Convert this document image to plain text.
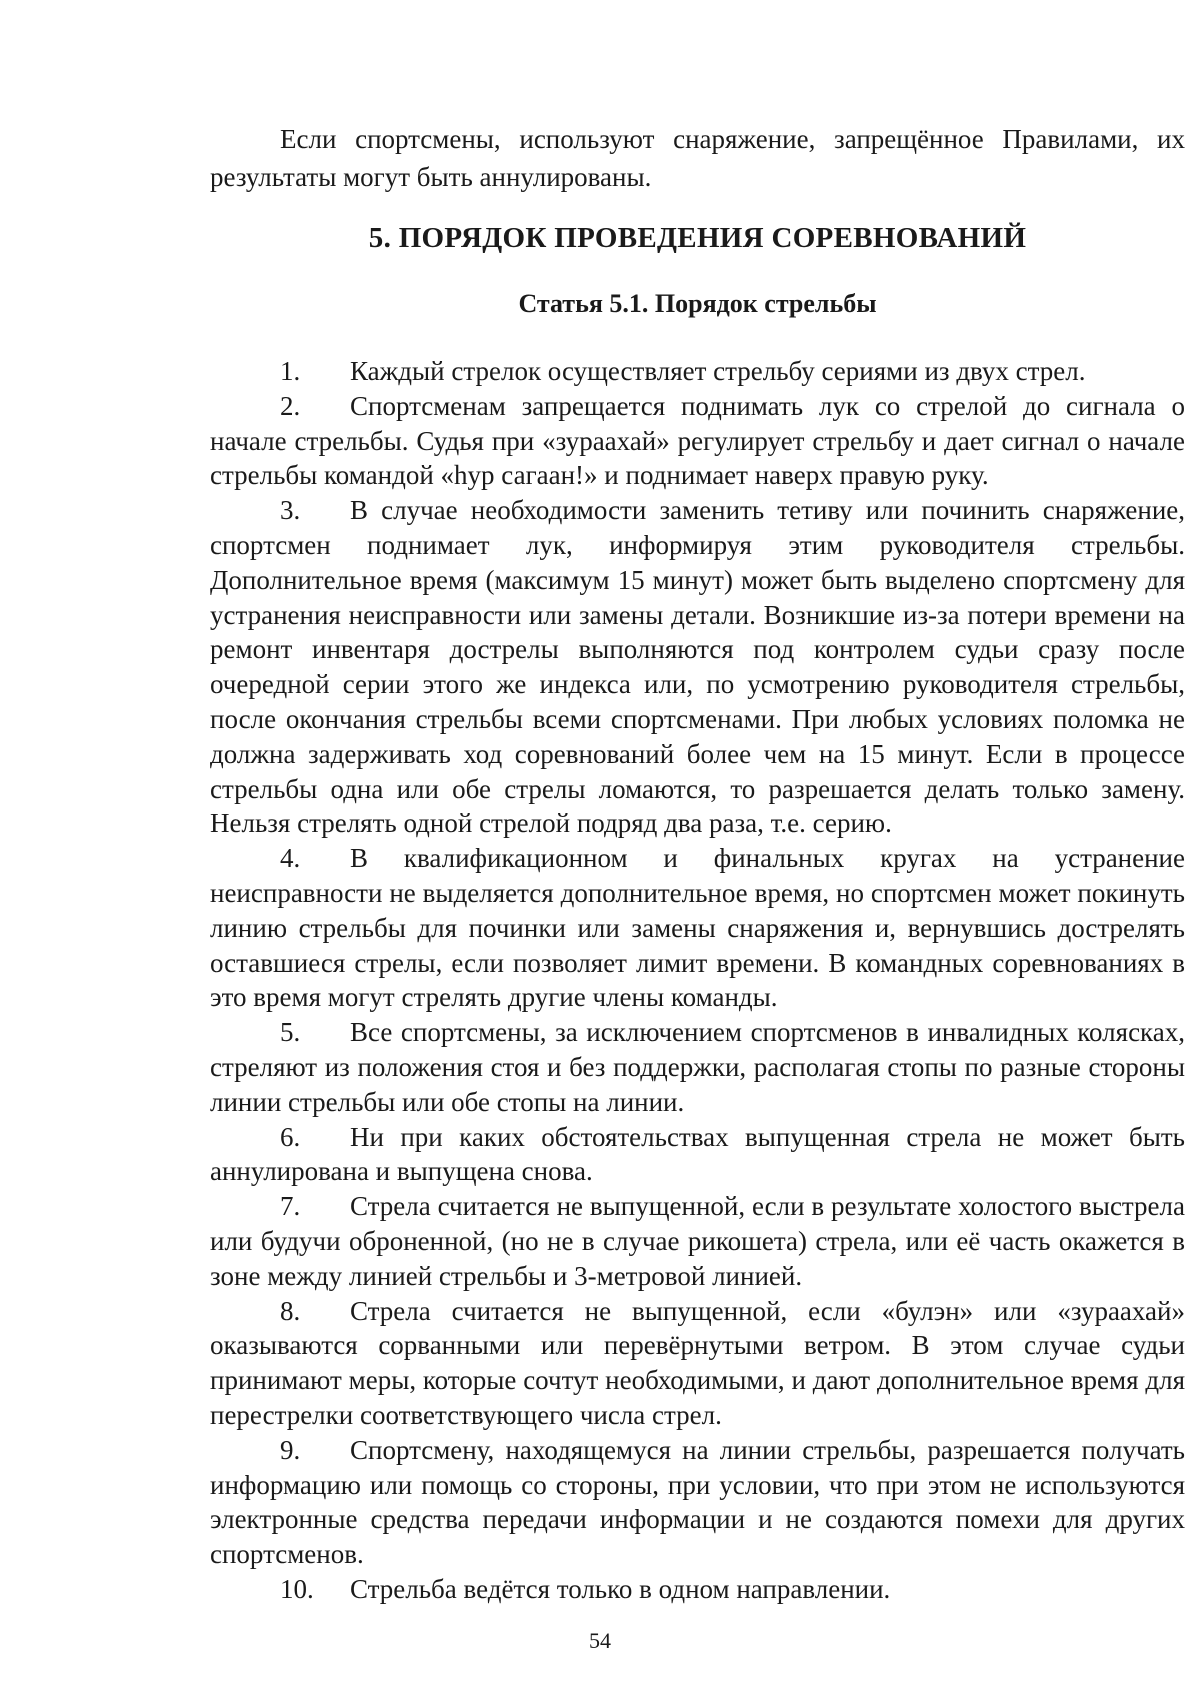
Если спортсмены, используют снаряжение, запрещённое Правилами, их результаты могут быть аннулированы.

5. ПОРЯДОК ПРОВЕДЕНИЯ СОРЕВНОВАНИЙ
Статья 5.1. Порядок стрельбы

1. Каждый стрелок осуществляет стрельбу сериями из двух стрел.

2. Спортсменам запрещается поднимать лук со стрелой до сигнала о начале стрельбы. Судья при «зураахай» регулирует стрельбу и дает сигнал о начале стрельбы командой «hур сагаан!» и поднимает наверх правую руку.

3. В случае необходимости заменить тетиву или починить снаряжение, спортсмен поднимает лук, информируя этим руководителя стрельбы. Дополнительное время (максимум 15 минут) может быть выделено спортсмену для устранения неисправности или замены детали. Возникшие из-за потери времени на ремонт инвентаря дострелы выполняются под контролем судьи сразу после очередной серии этого же индекса или, по усмотрению руководителя стрельбы, после окончания стрельбы всеми спортсменами. При любых условиях поломка не должна задерживать ход соревнований более чем на 15 минут. Если в процессе стрельбы одна или обе стрелы ломаются, то разрешается делать только замену. Нельзя стрелять одной стрелой подряд два раза, т.е. серию.

4. В квалификационном и финальных кругах на устранение неисправности не выделяется дополнительное время, но спортсмен может покинуть линию стрельбы для починки или замены снаряжения и, вернувшись дострелять оставшиеся стрелы, если позволяет лимит времени. В командных соревнованиях в это время могут стрелять другие члены команды.

5. Все спортсмены, за исключением спортсменов в инвалидных колясках, стреляют из положения стоя и без поддержки, располагая стопы по разные стороны линии стрельбы или обе стопы на линии.

6. Ни при каких обстоятельствах выпущенная стрела не может быть аннулирована и выпущена снова.

7. Стрела считается не выпущенной, если в результате холостого выстрела или будучи оброненной, (но не в случае рикошета) стрела, или её часть окажется в зоне между линией стрельбы и 3-метровой линией.

8. Стрела считается не выпущенной, если «булэн» или «зураахай» оказываются сорванными или перевёрнутыми ветром. В этом случае судьи принимают меры, которые сочтут необходимыми, и дают дополнительное время для перестрелки соответствующего числа стрел.

9. Спортсмену, находящемуся на линии стрельбы, разрешается получать информацию или помощь со стороны, при условии, что при этом не используются электронные средства передачи информации и не создаются помехи для других спортсменов.

10. Стрельба ведётся только в одном направлении.

54
